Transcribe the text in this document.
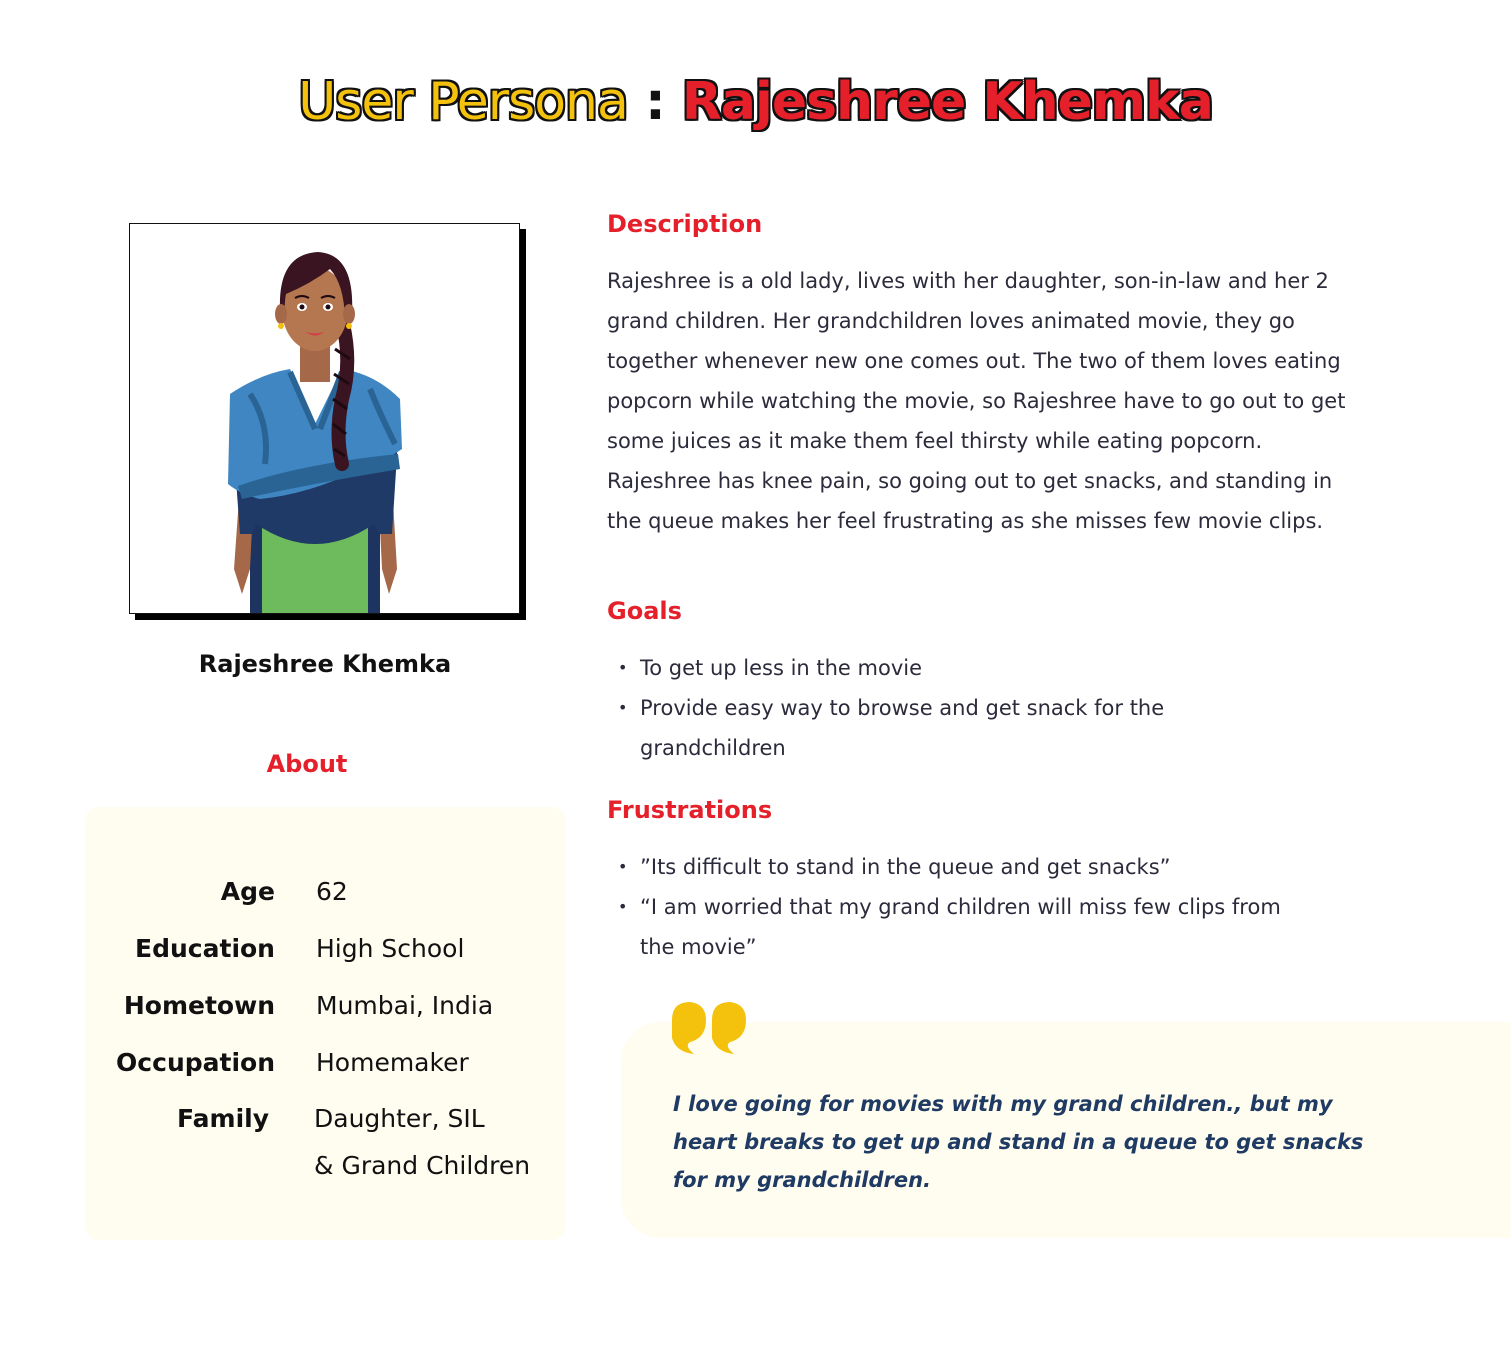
User Persona : Rajeshree Khemka
Rajeshree Khemka
About
Age 62
Education High School
Hometown Mumbai, India
Occupation Homemaker
Family Daughter, SIL
& Grand Children
Description
Rajeshree is a old lady, lives with her daughter, son-in-law and her 2 grand children. Her grandchildren loves animated movie, they go together whenever new one comes out. The two of them loves eating popcorn while watching the movie, so Rajeshree have to go out to get some juices as it make them feel thirsty while eating popcorn. Rajeshree has knee pain, so going out to get snacks, and standing in the queue makes her feel frustrating as she misses few movie clips.
Goals
• To get up less in the movie
• Provide easy way to browse and get snack for the grandchildren
Frustrations
• ”Its difficult to stand in the queue and get snacks”
• “I am worried that my grand children will miss few clips from the movie”
I love going for movies with my grand children., but my heart breaks to get up and stand in a queue to get snacks for my grandchildren.
